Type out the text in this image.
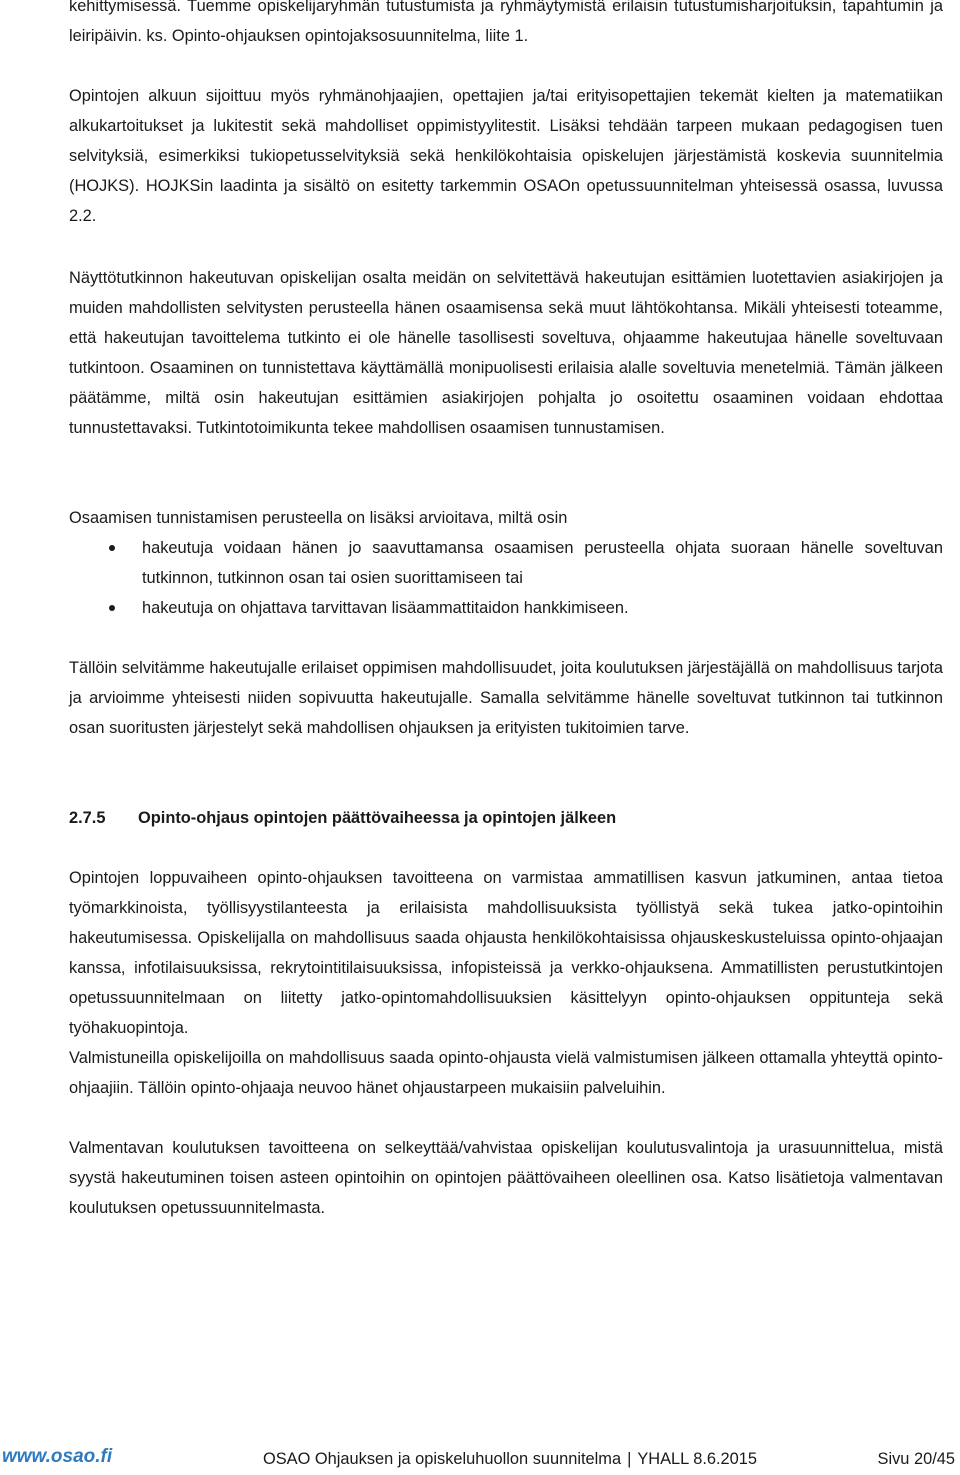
kehittymisessä. Tuemme opiskelijaryhmän tutustumista ja ryhmäytymistä erilaisin tutustumisharjoituksin, tapahtumin ja leiripäivin. ks. Opinto-ohjauksen opintojaksosuunnitelma, liite 1.

Opintojen alkuun sijoittuu myös ryhmänohjaajien, opettajien ja/tai erityisopettajien tekemät kielten ja matematiikan alkukartoitukset ja lukitestit sekä mahdolliset oppimistyylitestit. Lisäksi tehdään tarpeen mukaan pedagogisen tuen selvityksiä, esimerkiksi tukiopetusselvityksiä sekä henkilökohtaisia opiskelujen järjestämistä koskevia suunnitelmia (HOJKS). HOJKSin laadinta ja sisältö on esitetty tarkemmin OSAOn opetussuunnitelman yhteisessä osassa, luvussa 2.2.

Näyttötutkinnon hakeutuvan opiskelijan osalta meidän on selvitettävä hakeutujan esittämien luotettavien asiakirjojen ja muiden mahdollisten selvitysten perusteella hänen osaamisensa sekä muut lähtökohtansa. Mikäli yhteisesti toteamme, että hakeutujan tavoittelema tutkinto ei ole hänelle tasollisesti soveltuva, ohjaamme hakeutujaa hänelle soveltuvaan tutkintoon. Osaaminen on tunnistettava käyttämällä monipuolisesti erilaisia alalle soveltuvia menetelmiä. Tämän jälkeen päätämme, miltä osin hakeutujan esittämien asiakirjojen pohjalta jo osoitettu osaaminen voidaan ehdottaa tunnustettavaksi. Tutkintotoimikunta tekee mahdollisen osaamisen tunnustamisen.

Osaamisen tunnistamisen perusteella on lisäksi arvioitava, miltä osin

hakeutuja voidaan hänen jo saavuttamansa osaamisen perusteella ohjata suoraan hänelle soveltuvan tutkinnon, tutkinnon osan tai osien suorittamiseen tai
hakeutuja on ohjattava tarvittavan lisäammattitaidon hankkimiseen.

Tällöin selvitämme hakeutujalle erilaiset oppimisen mahdollisuudet, joita koulutuksen järjestäjällä on mahdollisuus tarjota ja arvioimme yhteisesti niiden sopivuutta hakeutujalle. Samalla selvitämme hänelle soveltuvat tutkinnon tai tutkinnon osan suoritusten järjestelyt sekä mahdollisen ohjauksen ja erityisten tukitoimien tarve.

2.7.5 Opinto-ohjaus opintojen päättövaiheessa ja opintojen jälkeen

Opintojen loppuvaiheen opinto-ohjauksen tavoitteena on varmistaa ammatillisen kasvun jatkuminen, antaa tietoa työmarkkinoista, työllisyystilanteesta ja erilaisista mahdollisuuksista työllistyä sekä tukea jatko-opintoihin hakeutumisessa. Opiskelijalla on mahdollisuus saada ohjausta henkilökohtaisissa ohjauskeskusteluissa opinto-ohjaajan kanssa, infotilaisuuksissa, rekrytointitilaisuuksissa, infopisteissä ja verkko-ohjauksena. Ammatillisten perustutkintojen opetussuunnitelmaan on liitetty jatko-opintomahdollisuuksien käsittelyyn opinto-ohjauksen oppitunteja sekä työhakuopintoja.

Valmistuneilla opiskelijoilla on mahdollisuus saada opinto-ohjausta vielä valmistumisen jälkeen ottamalla yhteyttä opinto-ohjaajiin. Tällöin opinto-ohjaaja neuvoo hänet ohjaustarpeen mukaisiin palveluihin.

Valmentavan koulutuksen tavoitteena on selkeyttää/vahvistaa opiskelijan koulutusvalintoja ja urasuunnittelua, mistä syystä hakeutuminen toisen asteen opintoihin on opintojen päättövaiheen oleellinen osa. Katso lisätietoja valmentavan koulutuksen opetussuunnitelmasta.

www.osao.fi	OSAO Ohjauksen ja opiskeluhuollon suunnitelma | YHALL 8.6.2015	Sivu 20/45
